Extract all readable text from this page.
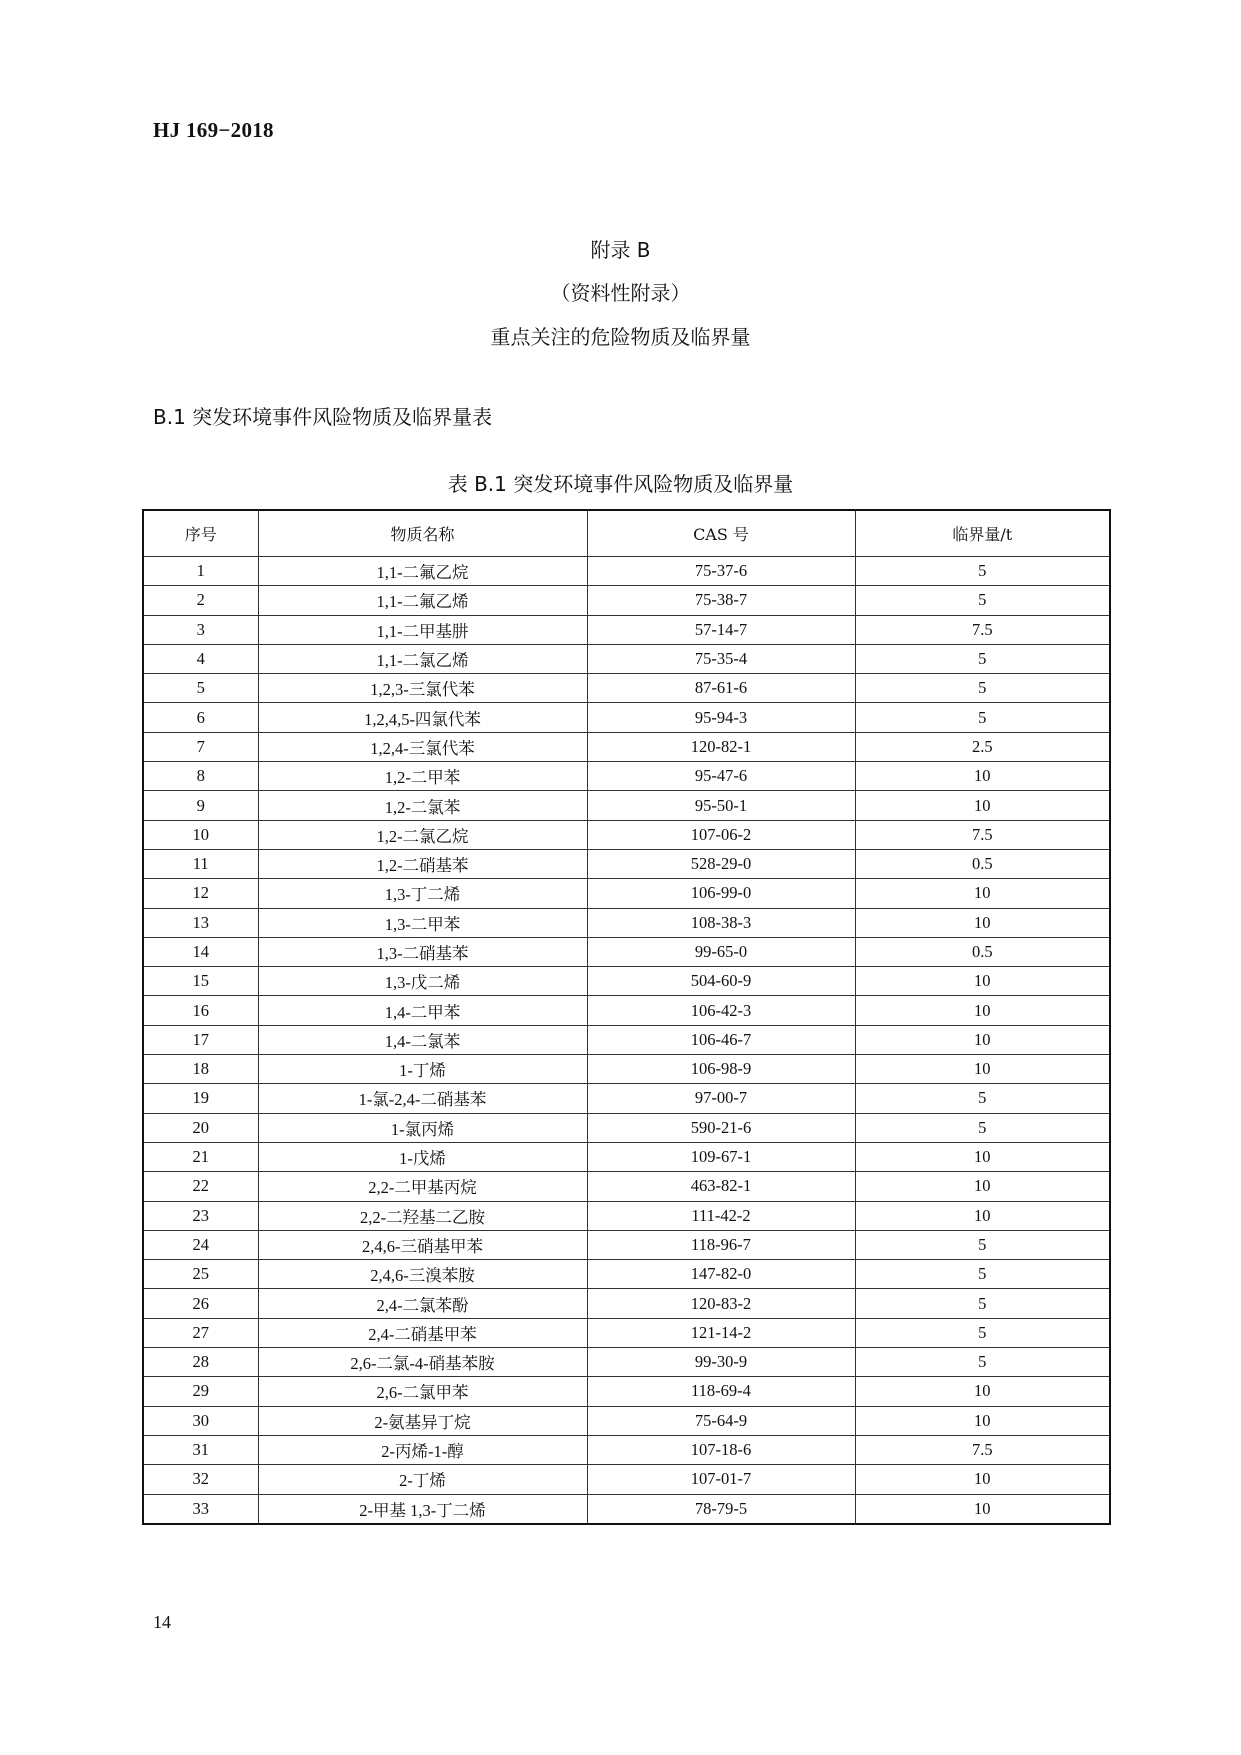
HJ 169−2018
附录 B
（资料性附录）
重点关注的危险物质及临界量
B.1 突发环境事件风险物质及临界量表
表 B.1 突发环境事件风险物质及临界量
序号	物质名称	CAS 号	临界量/t
1	1,1-二氟乙烷	75-37-6	5
2	1,1-二氟乙烯	75-38-7	5
3	1,1-二甲基肼	57-14-7	7.5
4	1,1-二氯乙烯	75-35-4	5
5	1,2,3-三氯代苯	87-61-6	5
6	1,2,4,5-四氯代苯	95-94-3	5
7	1,2,4-三氯代苯	120-82-1	2.5
8	1,2-二甲苯	95-47-6	10
9	1,2-二氯苯	95-50-1	10
10	1,2-二氯乙烷	107-06-2	7.5
11	1,2-二硝基苯	528-29-0	0.5
12	1,3-丁二烯	106-99-0	10
13	1,3-二甲苯	108-38-3	10
14	1,3-二硝基苯	99-65-0	0.5
15	1,3-戊二烯	504-60-9	10
16	1,4-二甲苯	106-42-3	10
17	1,4-二氯苯	106-46-7	10
18	1-丁烯	106-98-9	10
19	1-氯-2,4-二硝基苯	97-00-7	5
20	1-氯丙烯	590-21-6	5
21	1-戊烯	109-67-1	10
22	2,2-二甲基丙烷	463-82-1	10
23	2,2-二羟基二乙胺	111-42-2	10
24	2,4,6-三硝基甲苯	118-96-7	5
25	2,4,6-三溴苯胺	147-82-0	5
26	2,4-二氯苯酚	120-83-2	5
27	2,4-二硝基甲苯	121-14-2	5
28	2,6-二氯-4-硝基苯胺	99-30-9	5
29	2,6-二氯甲苯	118-69-4	10
30	2-氨基异丁烷	75-64-9	10
31	2-丙烯-1-醇	107-18-6	7.5
32	2-丁烯	107-01-7	10
33	2-甲基 1,3-丁二烯	78-79-5	10
14
